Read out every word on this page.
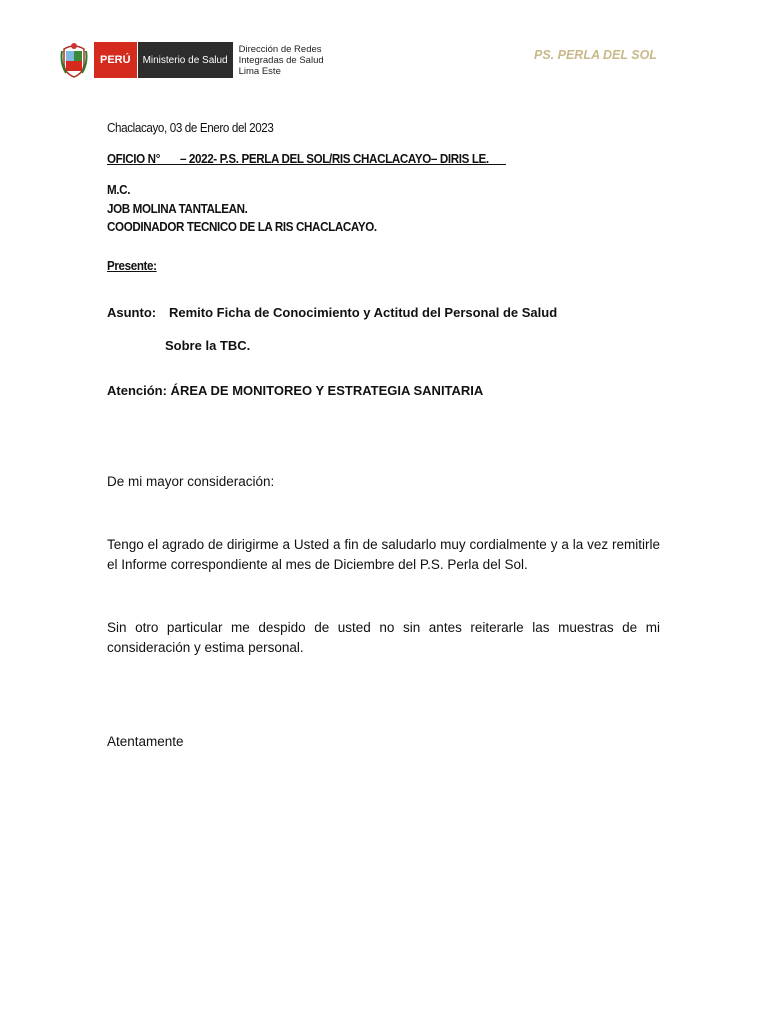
PERÚ	Ministerio de Salud
Dirección de Redes
Integradas de Salud
Lima Este
PS. PERLA DEL SOL
Chaclacayo, 03 de Enero del 2023
OFICIO N°       – 2022- P.S. PERLA DEL SOL/RIS CHACLACAYO– DIRIS LE.
M.C.
JOB MOLINA TANTALEAN.
COODINADOR TECNICO DE LA RIS CHACLACAYO.
Presente:
Asunto: Remito Ficha de Conocimiento y Actitud del Personal de Salud
Sobre la TBC.
Atención: ÁREA DE MONITOREO Y ESTRATEGIA SANITARIA
De mi mayor consideración:
Tengo el agrado de dirigirme a Usted a fin de saludarlo muy cordialmente y a la vez remitirle el Informe correspondiente al mes de Diciembre del P.S. Perla del Sol.
Sin otro particular me despido de usted no sin antes reiterarle las muestras de mi consideración y estima personal.
Atentamente
